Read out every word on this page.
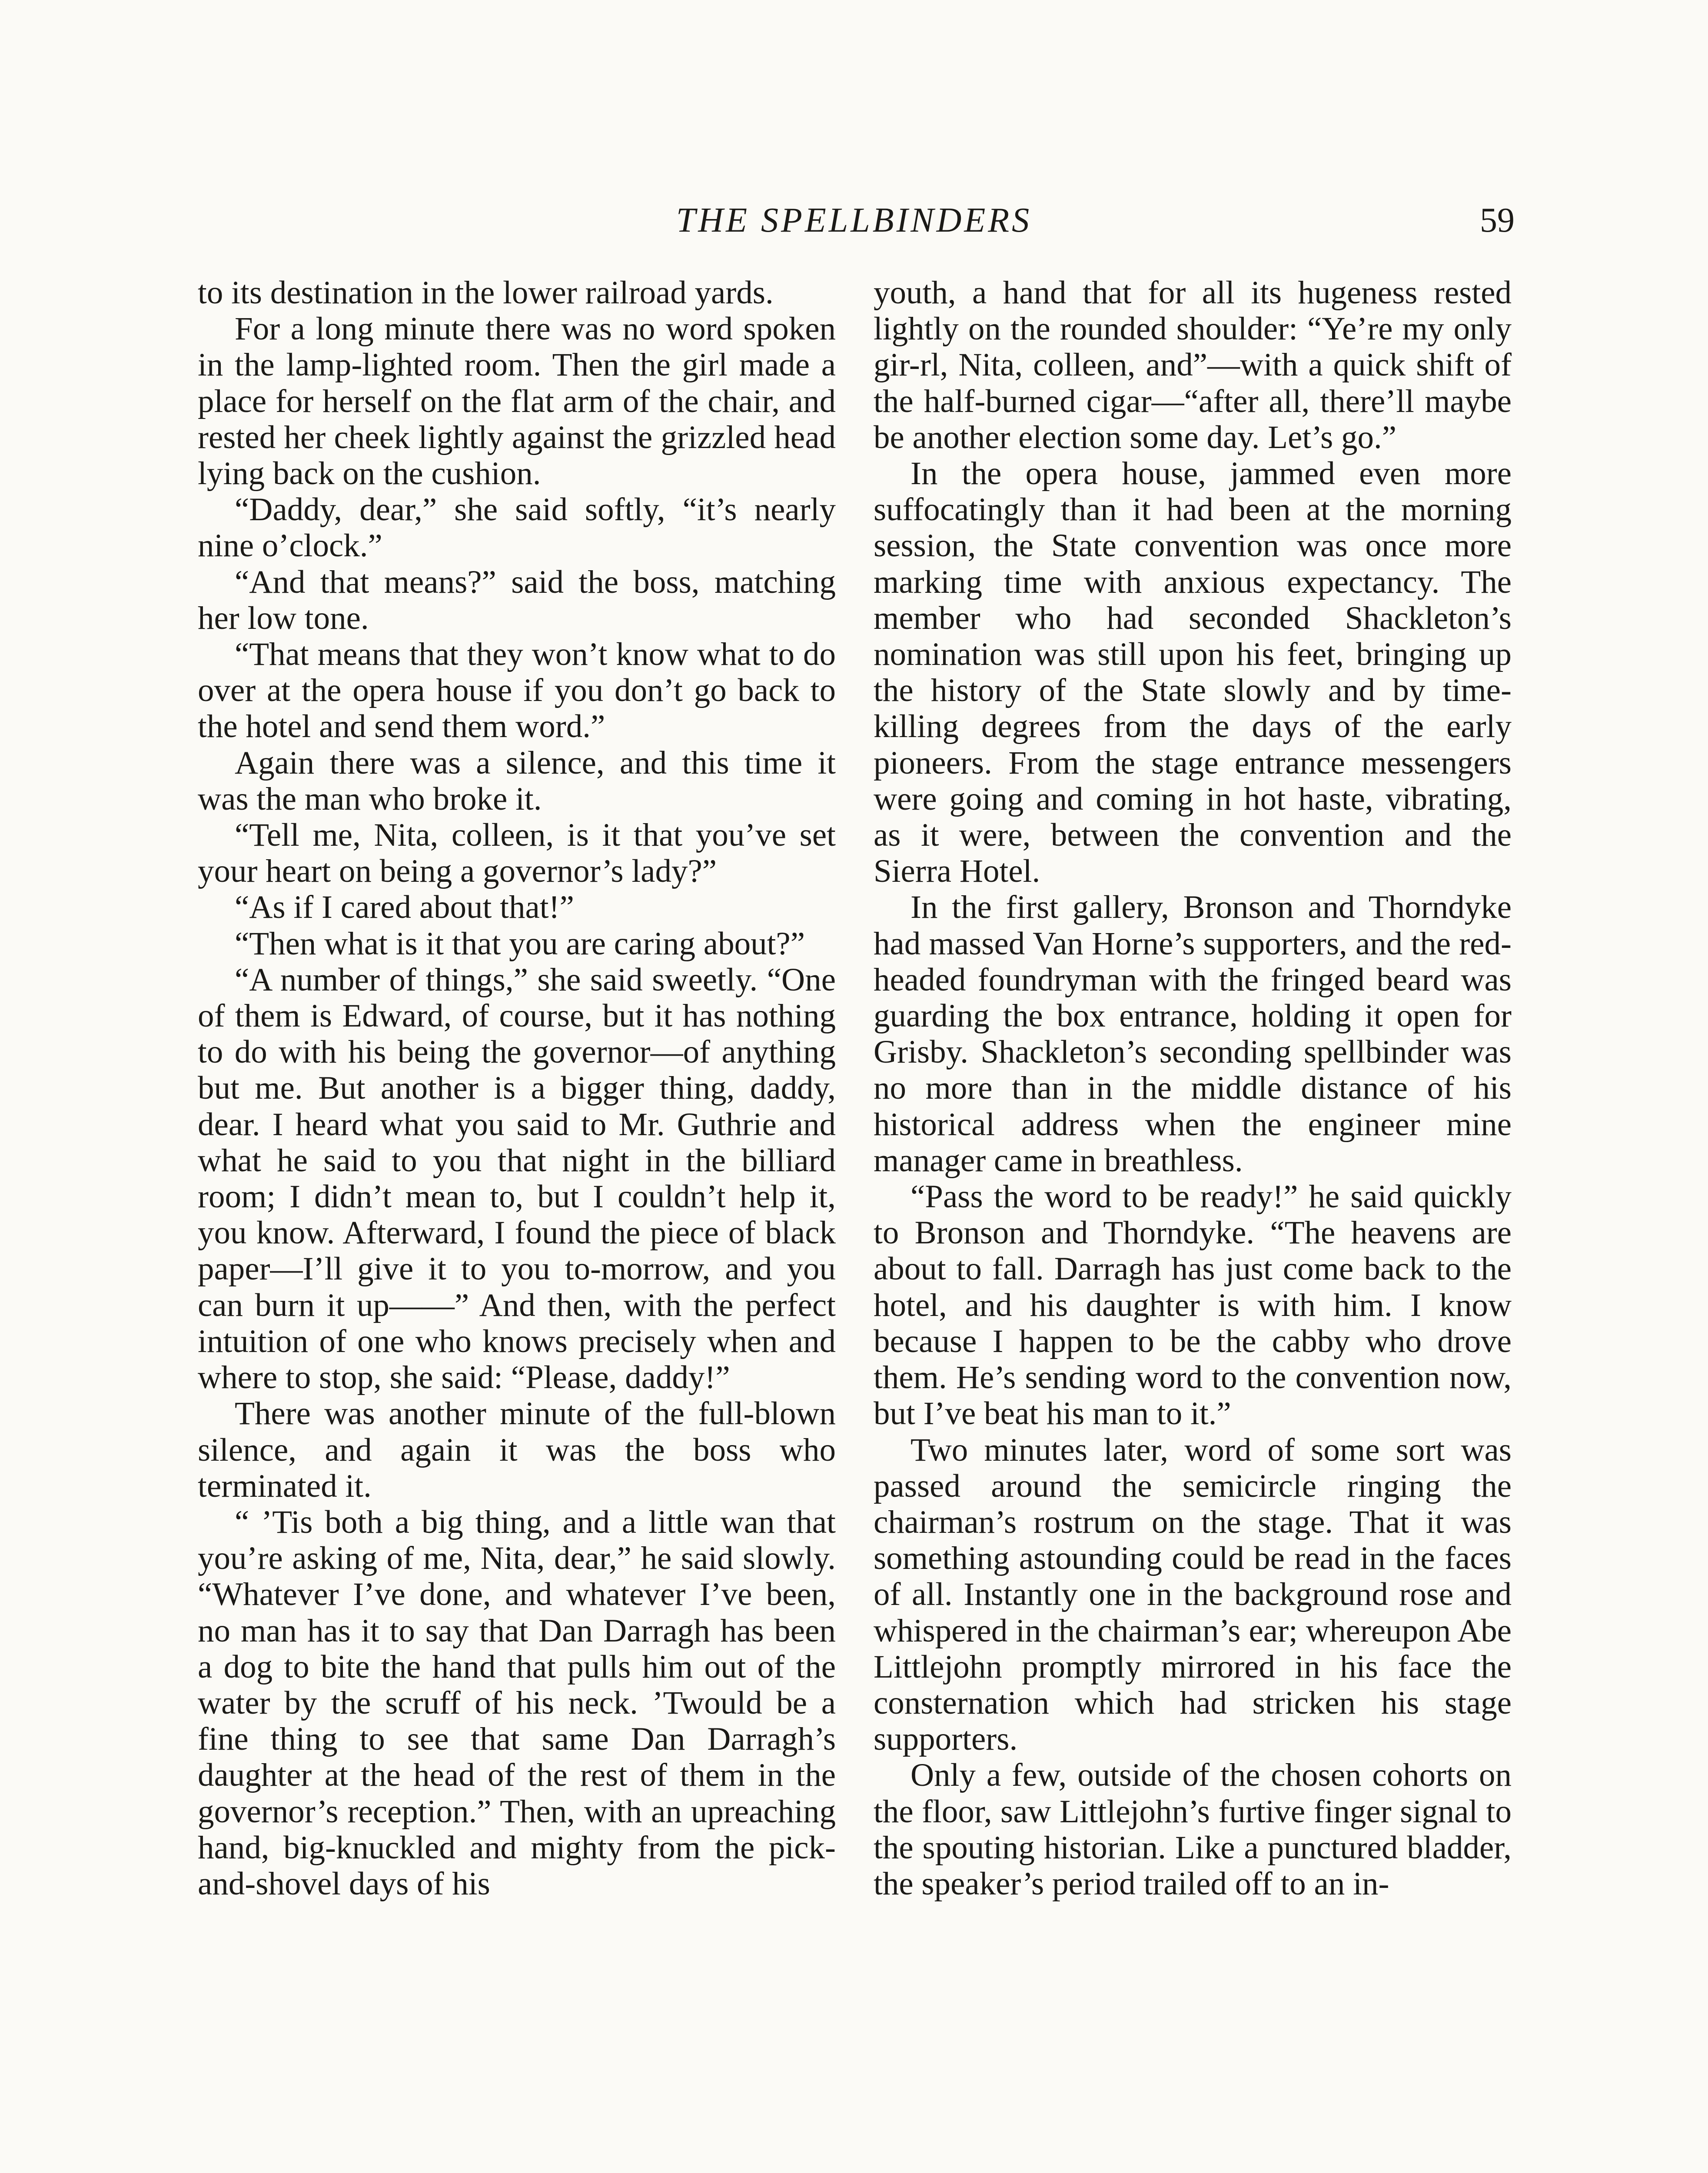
THE SPELLBINDERS	59

to its destination in the lower railroad yards.

For a long minute there was no word spoken in the lamp-lighted room. Then the girl made a place for herself on the flat arm of the chair, and rested her cheek lightly against the grizzled head lying back on the cushion.

“Daddy, dear,” she said softly, “it’s nearly nine o’clock.”

“And that means?” said the boss, matching her low tone.

“That means that they won’t know what to do over at the opera house if you don’t go back to the hotel and send them word.”

Again there was a silence, and this time it was the man who broke it.

“Tell me, Nita, colleen, is it that you’ve set your heart on being a governor’s lady?”

“As if I cared about that!”

“Then what is it that you are caring about?”

“A number of things,” she said sweetly. “One of them is Edward, of course, but it has nothing to do with his being the governor—of anything but me. But another is a bigger thing, daddy, dear. I heard what you said to Mr. Guthrie and what he said to you that night in the billiard room; I didn’t mean to, but I couldn’t help it, you know. Afterward, I found the piece of black paper—I’ll give it to you to-morrow, and you can burn it up——” And then, with the perfect intuition of one who knows precisely when and where to stop, she said: “Please, daddy!”

There was another minute of the full-blown silence, and again it was the boss who terminated it.

“ ’Tis both a big thing, and a little wan that you’re asking of me, Nita, dear,” he said slowly. “Whatever I’ve done, and whatever I’ve been, no man has it to say that Dan Darragh has been a dog to bite the hand that pulls him out of the water by the scruff of his neck. ’Twould be a fine thing to see that same Dan Darragh’s daughter at the head of the rest of them in the governor’s reception.” Then, with an upreaching hand, big-knuckled and mighty from the pick-and-shovel days of his

youth, a hand that for all its hugeness rested lightly on the rounded shoulder: “Ye’re my only gir-rl, Nita, colleen, and”—with a quick shift of the half-burned cigar—“after all, there’ll maybe be another election some day. Let’s go.”

In the opera house, jammed even more suffocatingly than it had been at the morning session, the State convention was once more marking time with anxious expectancy. The member who had seconded Shackleton’s nomination was still upon his feet, bringing up the history of the State slowly and by time-killing degrees from the days of the early pioneers. From the stage entrance messengers were going and coming in hot haste, vibrating, as it were, between the convention and the Sierra Hotel.

In the first gallery, Bronson and Thorndyke had massed Van Horne’s supporters, and the red-headed foundryman with the fringed beard was guarding the box entrance, holding it open for Grisby. Shackleton’s seconding spellbinder was no more than in the middle distance of his historical address when the engineer mine manager came in breathless.

“Pass the word to be ready!” he said quickly to Bronson and Thorndyke. “The heavens are about to fall. Darragh has just come back to the hotel, and his daughter is with him. I know because I happen to be the cabby who drove them. He’s sending word to the convention now, but I’ve beat his man to it.”

Two minutes later, word of some sort was passed around the semicircle ringing the chairman’s rostrum on the stage. That it was something astounding could be read in the faces of all. Instantly one in the background rose and whispered in the chairman’s ear; whereupon Abe Littlejohn promptly mirrored in his face the consternation which had stricken his stage supporters.

Only a few, outside of the chosen cohorts on the floor, saw Littlejohn’s furtive finger signal to the spouting historian. Like a punctured bladder, the speaker’s period trailed off to an in-
